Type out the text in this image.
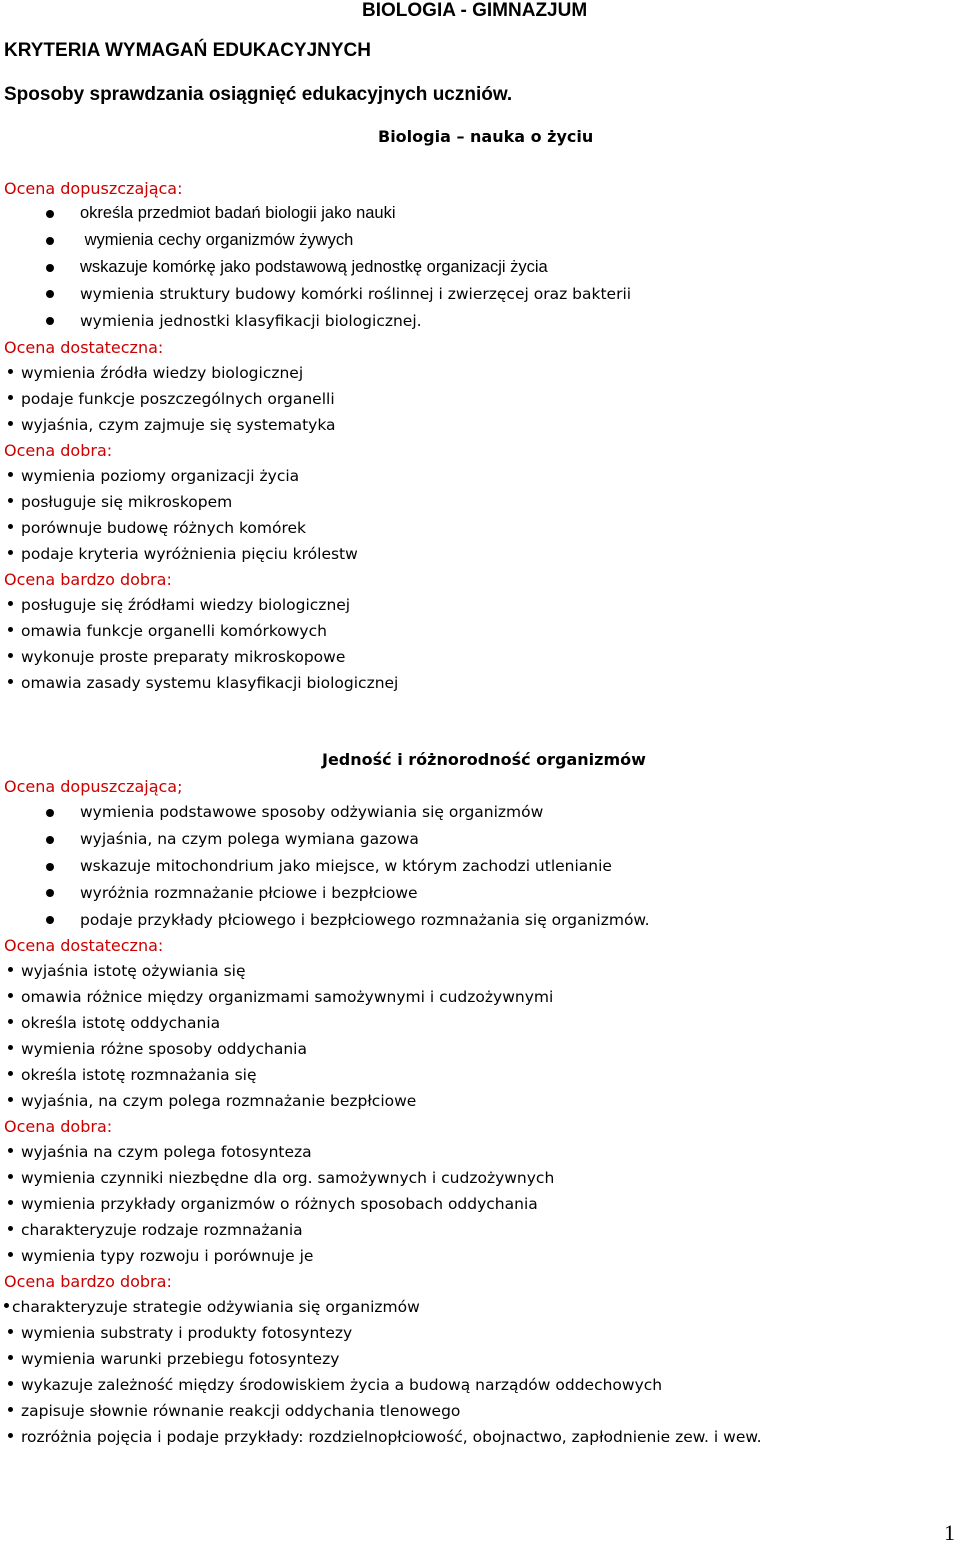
BIOLOGIA - GIMNAZJUM
KRYTERIA WYMAGAŃ EDUKACYJNYCH
Sposoby sprawdzania osiągnięć edukacyjnych uczniów.
Biologia – nauka o życiu
Ocena dopuszczająca:
określa przedmiot badań biologii jako nauki
wymienia cechy organizmów żywych
wskazuje komórkę jako podstawową jednostkę organizacji życia
wymienia struktury budowy komórki roślinnej i zwierzęcej oraz bakterii
wymienia jednostki klasyfikacji biologicznej.
Ocena dostateczna:
wymienia źródła wiedzy biologicznej
podaje funkcje poszczególnych organelli
wyjaśnia, czym zajmuje się systematyka
Ocena dobra:
wymienia poziomy organizacji życia
posługuje się mikroskopem
porównuje budowę różnych komórek
podaje kryteria wyróżnienia pięciu królestw
Ocena bardzo dobra:
posługuje się źródłami wiedzy biologicznej
omawia funkcje organelli komórkowych
wykonuje proste preparaty mikroskopowe
omawia zasady systemu klasyfikacji biologicznej
Jedność i różnorodność organizmów
Ocena dopuszczająca;
wymienia podstawowe sposoby odżywiania się organizmów
wyjaśnia, na czym polega wymiana gazowa
wskazuje mitochondrium jako miejsce, w którym zachodzi utlenianie
wyróżnia rozmnażanie płciowe i bezpłciowe
podaje przykłady płciowego i bezpłciowego rozmnażania się organizmów.
Ocena dostateczna:
wyjaśnia istotę ożywiania się
omawia różnice między organizmami samożywnymi i cudzożywnymi
określa istotę oddychania
wymienia różne sposoby oddychania
określa istotę rozmnażania się
wyjaśnia, na czym polega rozmnażanie bezpłciowe
Ocena dobra:
wyjaśnia na czym polega fotosynteza
wymienia czynniki niezbędne dla org. samożywnych i cudzożywnych
wymienia przykłady organizmów o różnych sposobach oddychania
charakteryzuje rodzaje rozmnażania
wymienia typy rozwoju i porównuje je
Ocena bardzo dobra:
charakteryzuje strategie odżywiania się organizmów
wymienia substraty i produkty fotosyntezy
wymienia warunki przebiegu fotosyntezy
wykazuje zależność między środowiskiem życia a budową narządów oddechowych
zapisuje słownie równanie reakcji oddychania tlenowego
rozróżnia pojęcia i podaje przykłady: rozdzielnopłciowość, obojnactwo, zapłodnienie zew. i wew.
1
